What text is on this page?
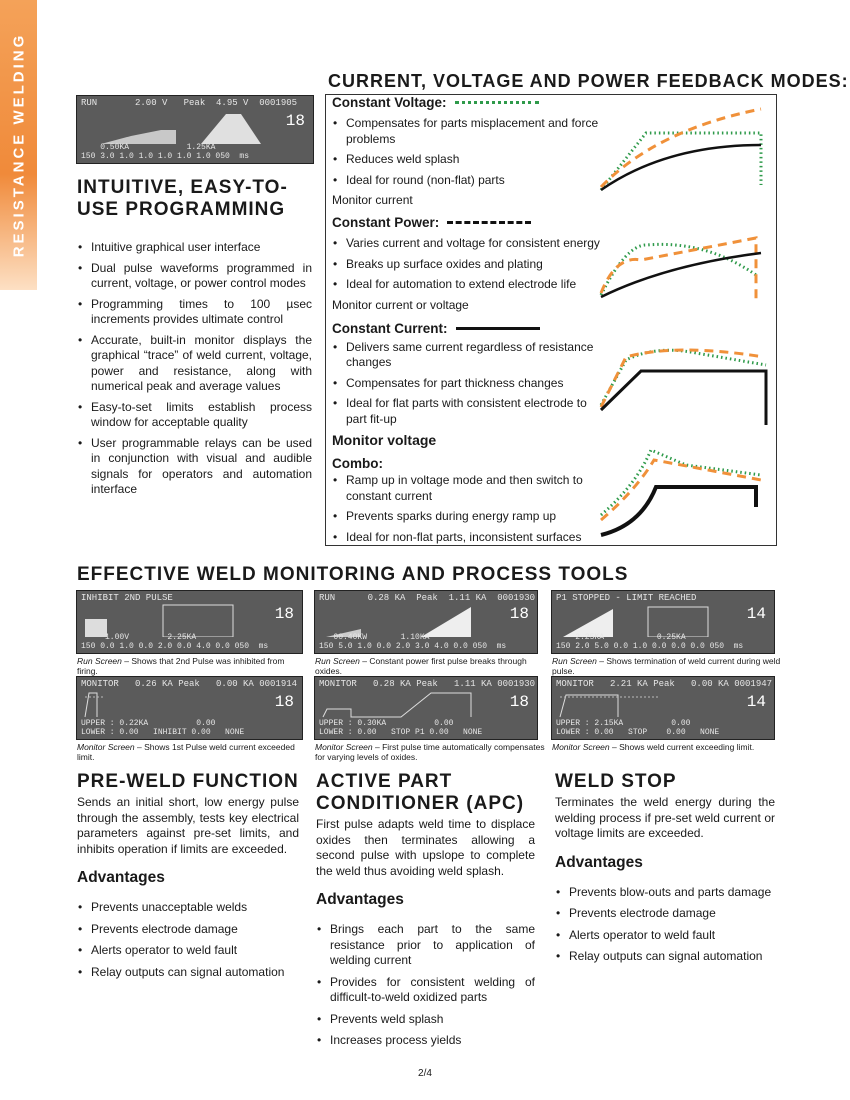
RESISTANCE WELDING	RUN       2.00 V   Peak  4.95 V  0001905
18
0.50KA            1.25KA
150 3.0 1.0 1.0 1.0 1.0 1.0 050  ms
INTUITIVE, EASY-TO-USE PROGRAMMING
• Intuitive graphical user interface
• Dual pulse waveforms programmed in current, voltage, or power control modes
• Programming times to 100 µsec increments provides ultimate control
• Accurate, built-in monitor displays the graphical “trace” of weld current, voltage, power and resistance, along with numerical peak and average values
• Easy-to-set limits establish process window for acceptable quality
• User programmable relays can be used in conjunction with visual and audible signals for operators and automation interface
CURRENT, VOLTAGE AND POWER FEEDBACK MODES:
Constant Voltage:
• Compensates for parts misplacement and force problems
• Reduces weld splash
• Ideal for round (non-flat) parts
Monitor current
Constant Power:
• Varies current and voltage for consistent energy
• Breaks up surface oxides and plating
• Ideal for automation to extend electrode life
Monitor current or voltage
Constant Current:
• Delivers same current regardless of resistance changes
• Compensates for part thickness changes
• Ideal for flat parts with consistent electrode to part fit-up
Monitor voltage
Combo:
• Ramp up in voltage mode and then switch to constant current
• Prevents sparks during energy ramp up
• Ideal for non-flat parts, inconsistent surfaces
EFFECTIVE WELD MONITORING AND PROCESS TOOLS
INHIBIT 2ND PULSE
18
1.00V        2.25KA
150 0.0 1.0 0.0 2.0 0.0 4.0 0.0 050  ms
RUN      0.28 KA  Peak  1.11 KA  0001930
18
00.40KW       1.10KA
150 5.0 1.0 0.0 2.0 3.0 4.0 0.0 050  ms
P1 STOPPED - LIMIT REACHED
14
2.25KA           0.25KA
150 2.0 5.0 0.0 1.0 0.0 0.0 0.0 050  ms
Run Screen – Shows that 2nd Pulse was inhibited from firing.
Run Screen – Constant power first pulse breaks through oxides.
Run Screen – Shows termination of weld current during weld pulse.
MONITOR   0.26 KA Peak   0.00 KA 0001914
18
UPPER : 0.22KA          0.00
LOWER : 0.00   INHIBIT 0.00   NONE
MONITOR   0.28 KA Peak   1.11 KA 0001930
18
UPPER : 0.30KA          0.00
LOWER : 0.00   STOP P1 0.00   NONE
MONITOR   2.21 KA Peak   0.00 KA 0001947
14
UPPER : 2.15KA          0.00
LOWER : 0.00   STOP    0.00   NONE
Monitor Screen – Shows 1st Pulse weld current exceeded limit.
Monitor Screen – First pulse time automatically compensates for varying levels of oxides.
Monitor Screen – Shows weld current exceeding limit.
PRE-WELD FUNCTION
Sends an initial short, low energy pulse through the assembly, tests key electrical parameters against pre-set limits, and inhibits operation if limits are exceeded.
Advantages
• Prevents unacceptable welds
• Prevents electrode damage
• Alerts operator to weld fault
• Relay outputs can signal automation
ACTIVE PART CONDITIONER (APC)
First pulse adapts weld time to displace oxides then terminates allowing a second pulse with upslope to complete the weld thus avoiding weld splash.
Advantages
• Brings each part to the same resistance prior to application of welding current
• Provides for consistent welding of difficult-to-weld oxidized parts
• Prevents weld splash
• Increases process yields
WELD STOP
Terminates the weld energy during the welding process if pre-set weld current or voltage limits are exceeded.
Advantages
• Prevents blow-outs and parts damage
• Prevents electrode damage
• Alerts operator to weld fault
• Relay outputs can signal automation
2/4
